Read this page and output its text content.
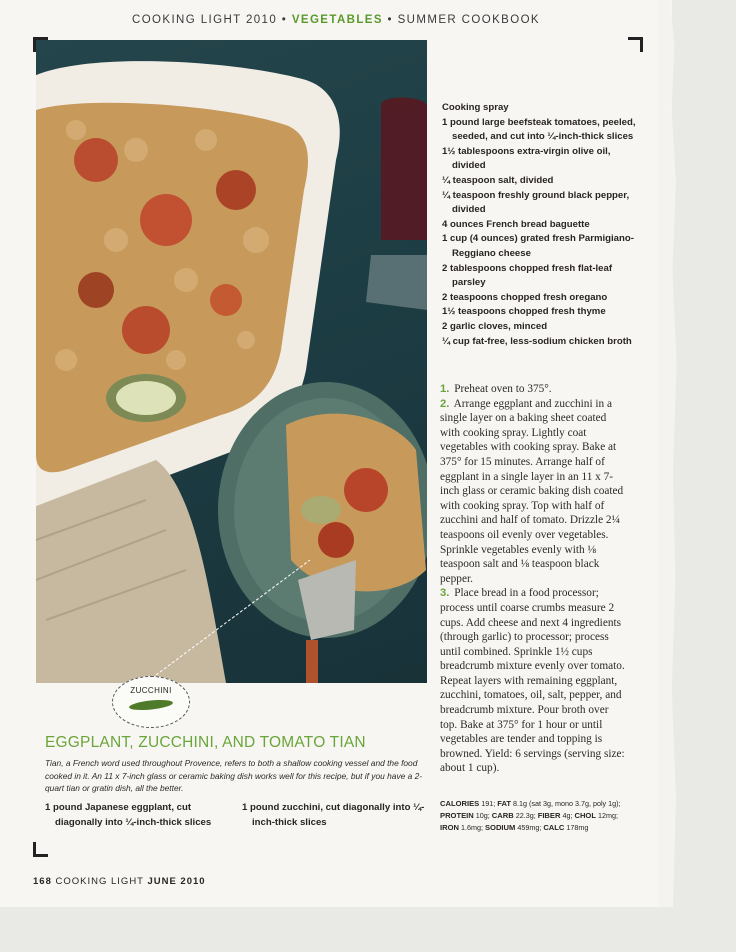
COOKING LIGHT 2010 • VEGETABLES • SUMMER COOKBOOK
ZUCCHINI
Cooking spray
1 pound large beefsteak tomatoes, peeled, seeded, and cut into ¼-inch-thick slices
1½ tablespoons extra-virgin olive oil, divided
¼ teaspoon salt, divided
¼ teaspoon freshly ground black pepper, divided
4 ounces French bread baguette
1 cup (4 ounces) grated fresh Parmigiano-Reggiano cheese
2 tablespoons chopped fresh flat-leaf parsley
2 teaspoons chopped fresh oregano
1½ teaspoons chopped fresh thyme
2 garlic cloves, minced
¼ cup fat-free, less-sodium chicken broth

1. Preheat oven to 375°.

2. Arrange eggplant and zucchini in a single layer on a baking sheet coated with cooking spray. Lightly coat vegetables with cooking spray. Bake at 375° for 15 minutes. Arrange half of eggplant in a single layer in an 11 x 7-inch glass or ceramic baking dish coated with cooking spray. Top with half of zucchini and half of tomato. Drizzle 2¼ teaspoons oil evenly over vegetables. Sprinkle vegetables evenly with ⅛ teaspoon salt and ⅛ teaspoon black pepper.

3. Place bread in a food processor; process until coarse crumbs measure 2 cups. Add cheese and next 4 ingredients (through garlic) to processor; process until combined. Sprinkle 1½ cups breadcrumb mixture evenly over tomato. Repeat layers with remaining eggplant, zucchini, tomatoes, oil, salt, pepper, and breadcrumb mixture. Pour broth over top. Bake at 375° for 1 hour or until vegetables are tender and topping is browned. Yield: 6 servings (serving size: about 1 cup).

CALORIES 191; FAT 8.1g (sat 3g, mono 3.7g, poly 1g);
PROTEIN 10g; CARB 22.3g; FIBER 4g; CHOL 12mg;
IRON 1.6mg; SODIUM 459mg; CALC 178mg
EGGPLANT, ZUCCHINI, AND TOMATO TIAN
Tian, a French word used throughout Provence, refers to both a shallow cooking vessel and the food cooked in it. An 11 x 7-inch glass or ceramic baking dish works well for this recipe, but if you have a 2-quart tian or gratin dish, all the better.
1 pound Japanese eggplant, cut diagonally into ¼-inch-thick slices
1 pound zucchini, cut diagonally into ¼-inch-thick slices
168 COOKING LIGHT JUNE 2010
